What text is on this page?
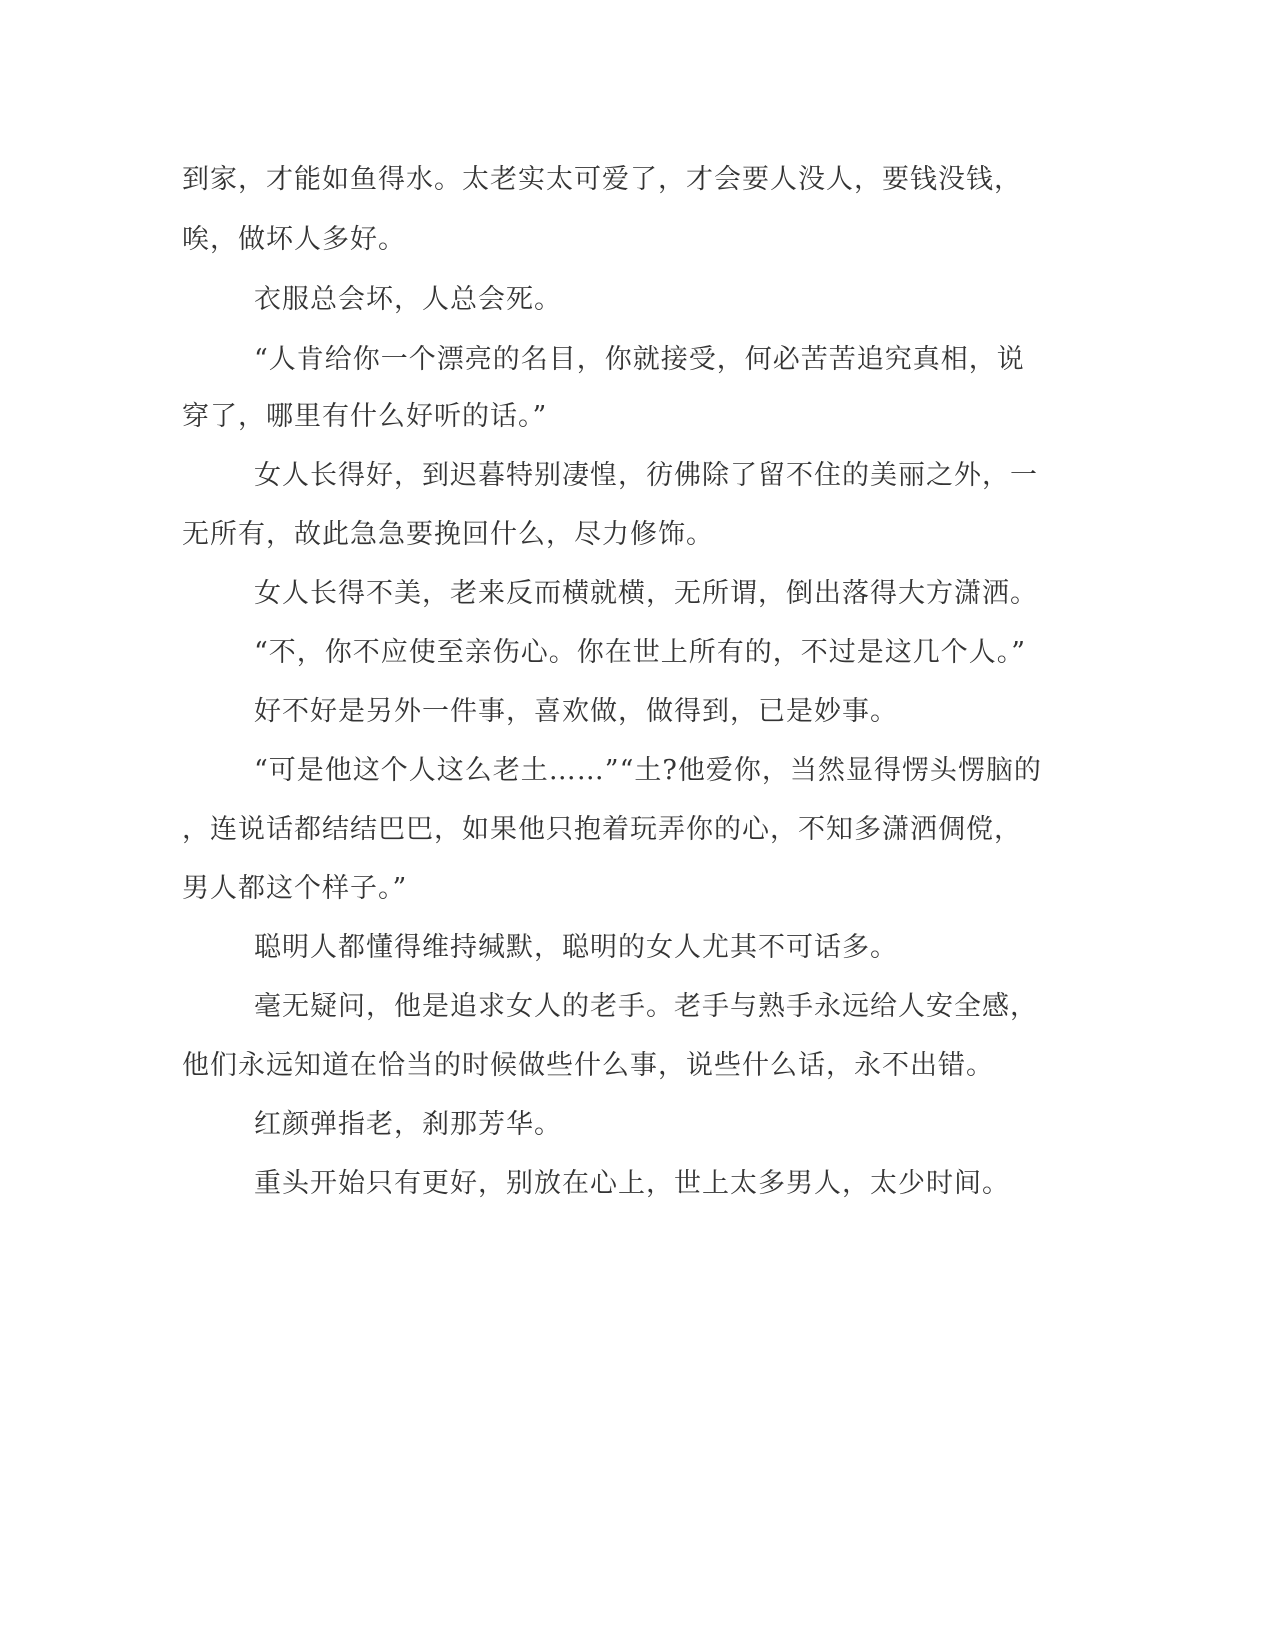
到家，才能如鱼得水。太老实太可爱了，才会要人没人，要钱没钱，
唉，做坏人多好。
衣服总会坏，人总会死。
“人肯给你一个漂亮的名目，你就接受，何必苦苦追究真相，说
穿了，哪里有什么好听的话。”
女人长得好，到迟暮特别凄惶，彷佛除了留不住的美丽之外，一
无所有，故此急急要挽回什么，尽力修饰。
女人长得不美，老来反而横就横，无所谓，倒出落得大方潇洒。
“不，你不应使至亲伤心。你在世上所有的，不过是这几个人。”
好不好是另外一件事，喜欢做，做得到，已是妙事。
“可是他这个人这么老土……”“土?他爱你，当然显得愣头愣脑的
，连说话都结结巴巴，如果他只抱着玩弄你的心，不知多潇洒倜傥，
男人都这个样子。”
聪明人都懂得维持缄默，聪明的女人尤其不可话多。
毫无疑问，他是追求女人的老手。老手与熟手永远给人安全感，
他们永远知道在恰当的时候做些什么事，说些什么话，永不出错。
红颜弹指老，刹那芳华。
重头开始只有更好，别放在心上，世上太多男人，太少时间。
